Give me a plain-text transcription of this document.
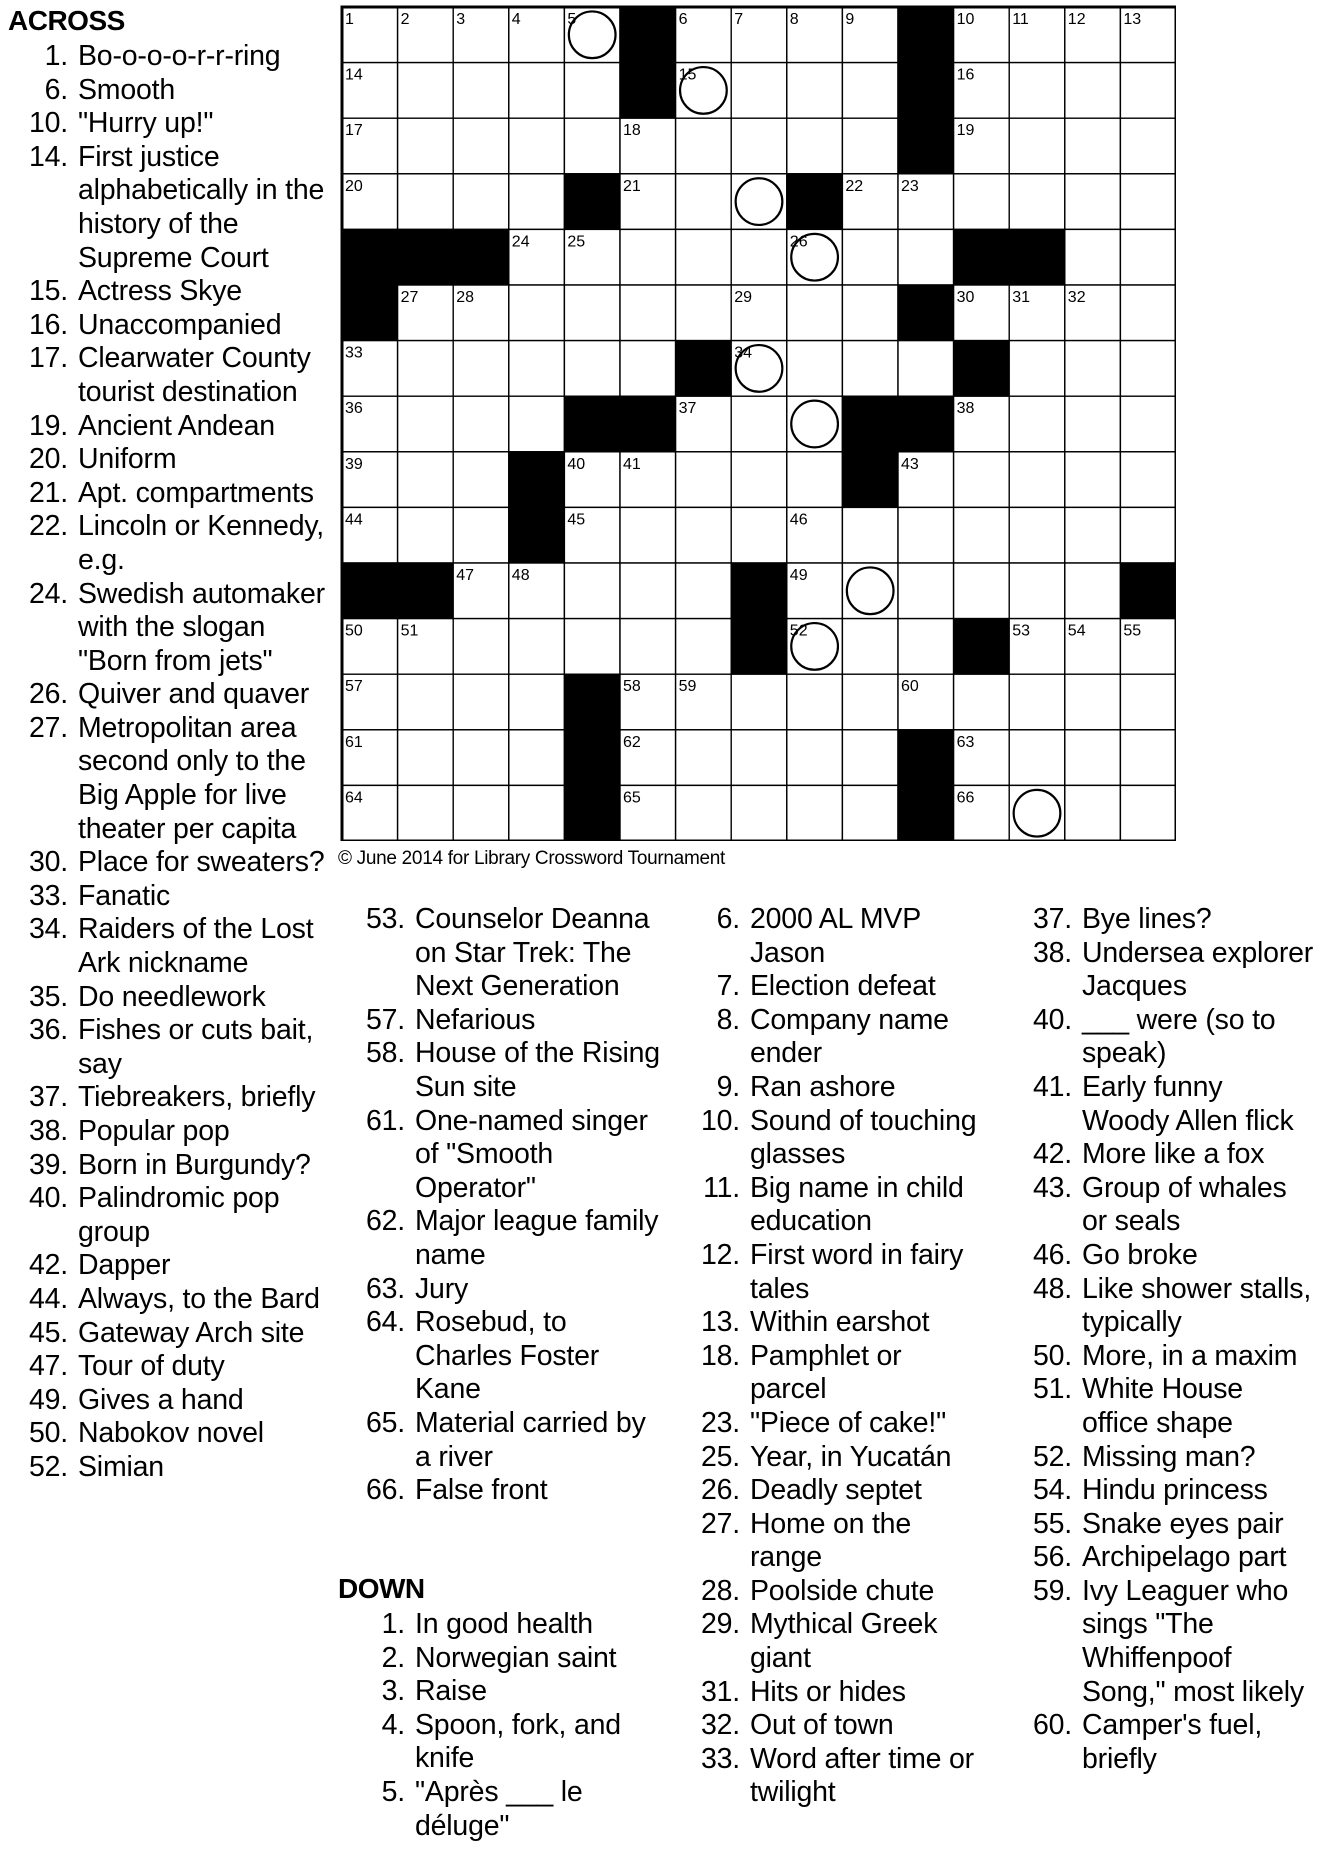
ACROSS
1. Bo-o-o-o-r-r-ring
6. Smooth
10. "Hurry up!"
14. First justice alphabetically in the history of the Supreme Court
15. Actress Skye
16. Unaccompanied
17. Clearwater County tourist destination
19. Ancient Andean
20. Uniform
21. Apt. compartments
22. Lincoln or Kennedy, e.g.
24. Swedish automaker with the slogan "Born from jets"
26. Quiver and quaver
27. Metropolitan area second only to the Big Apple for live theater per capita
30. Place for sweaters?
33. Fanatic
34. Raiders of the Lost Ark nickname
35. Do needlework
36. Fishes or cuts bait, say
37. Tiebreakers, briefly
38. Popular pop
39. Born in Burgundy?
40. Palindromic pop group
42. Dapper
44. Always, to the Bard
45. Gateway Arch site
47. Tour of duty
49. Gives a hand
50. Nabokov novel
52. Simian
1	2	3	4	5	6	7	8	9	10 11 12 13
14	15	16
17	18	19
20	21	22 23
24 25	26
27 28	29	30 31 32
33	34	35
36	37	38
39	40 41	42 43
44	45	46
47 48	49
50 51	52	53 54 55
57	58 59	60
61	62	63
64	65	66
© June 2014 for Library Crossword Tournament
53. Counselor Deanna on Star Trek: The Next Generation
57. Nefarious
58. House of the Rising Sun site
61. One-named singer of "Smooth Operator"
62. Major league family name
63. Jury
64. Rosebud, to Charles Foster Kane
65. Material carried by a river
66. False front
DOWN
1. In good health
2. Norwegian saint
3. Raise
4. Spoon, fork, and knife
5. "Après ___ le déluge"
6. 2000 AL MVP Jason
7. Election defeat
8. Company name ender
9. Ran ashore
10. Sound of touching glasses
11. Big name in child education
12. First word in fairy tales
13. Within earshot
18. Pamphlet or parcel
23. "Piece of cake!"
25. Year, in Yucatán
26. Deadly septet
27. Home on the range
28. Poolside chute
29. Mythical Greek giant
31. Hits or hides
32. Out of town
33. Word after time or twilight
37. Bye lines?
38. Undersea explorer Jacques
40. ___ were (so to speak)
41. Early funny Woody Allen flick
42. More like a fox
43. Group of whales or seals
46. Go broke
48. Like shower stalls, typically
50. More, in a maxim
51. White House office shape
52. Missing man?
54. Hindu princess
55. Snake eyes pair
56. Archipelago part
59. Ivy Leaguer who sings "The Whiffenpoof Song," most likely
60. Camper's fuel, briefly
